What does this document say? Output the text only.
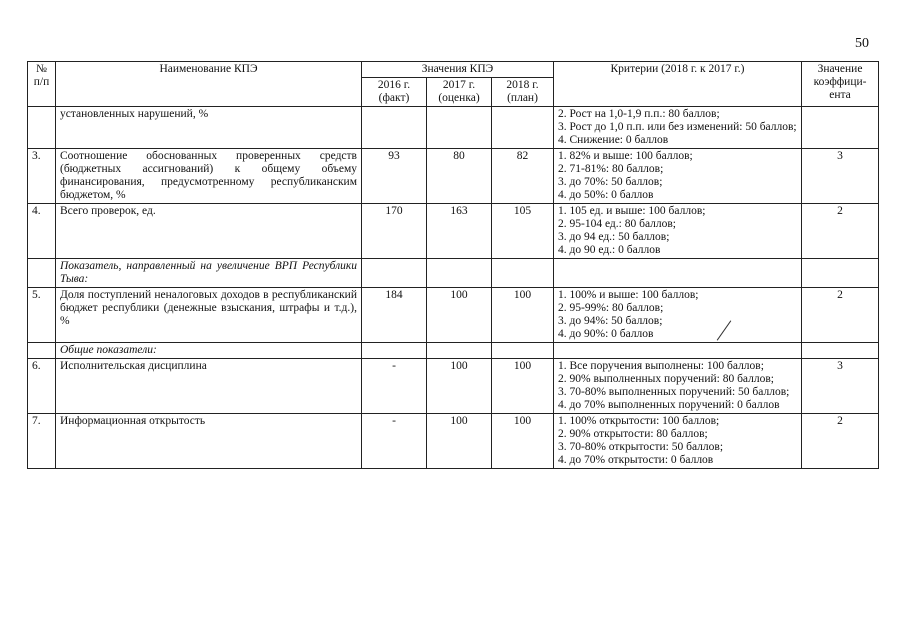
50
№ п/п	Наименование КПЭ	Значения КПЭ			Критерии (2018 г. к 2017 г.)	Значение коэффици-ента
		2016 г. (факт)	2017 г. (оценка)	2018 г. (план)		
	установленных нарушений, %				2. Рост на 1,0-1,9 п.п.: 80 баллов;
3. Рост до 1,0 п.п. или без изменений: 50 баллов;
4. Снижение: 0 баллов	

3.	Соотношение обоснованных проверенных средств (бюджетных ассигнований) к общему объему финансирования, предусмотренному республиканским бюджетом, %	93	80	82	1. 82% и выше: 100 баллов;
2. 71-81%: 80 баллов;
3. до 70%: 50 баллов;
4. до 50%: 0 баллов	3
4.	Всего проверок, ед.	170	163	105	1. 105 ед. и выше: 100 баллов;
2. 95-104 ед.: 80 баллов;
3. до 94 ед.: 50 баллов;
4. до 90 ед.: 0 баллов	2
	Показатель, направленный на увеличение ВРП Республики Тыва:					
5.	Доля поступлений неналоговых доходов в республиканский бюджет республики (денежные взыскания, штрафы и т.д.), %	184	100	100	1. 100% и выше: 100 баллов;
2. 95-99%: 80 баллов;
3. до 94%: 50 баллов;
4. до 90%: 0 баллов	2
	Общие показатели:					
6.	Исполнительская дисциплина	-	100	100	1. Все поручения выполнены: 100 баллов;
2. 90% выполненных поручений: 80 баллов;
3. 70-80% выполненных поручений: 50 баллов;
4. до 70% выполненных поручений: 0 баллов	3
7.	Информационная открытость	-	100	100	1. 100% открытости: 100 баллов;
2. 90% открытости: 80 баллов;
3. 70-80% открытости: 50 баллов;
4. до 70% открытости: 0 баллов	2
